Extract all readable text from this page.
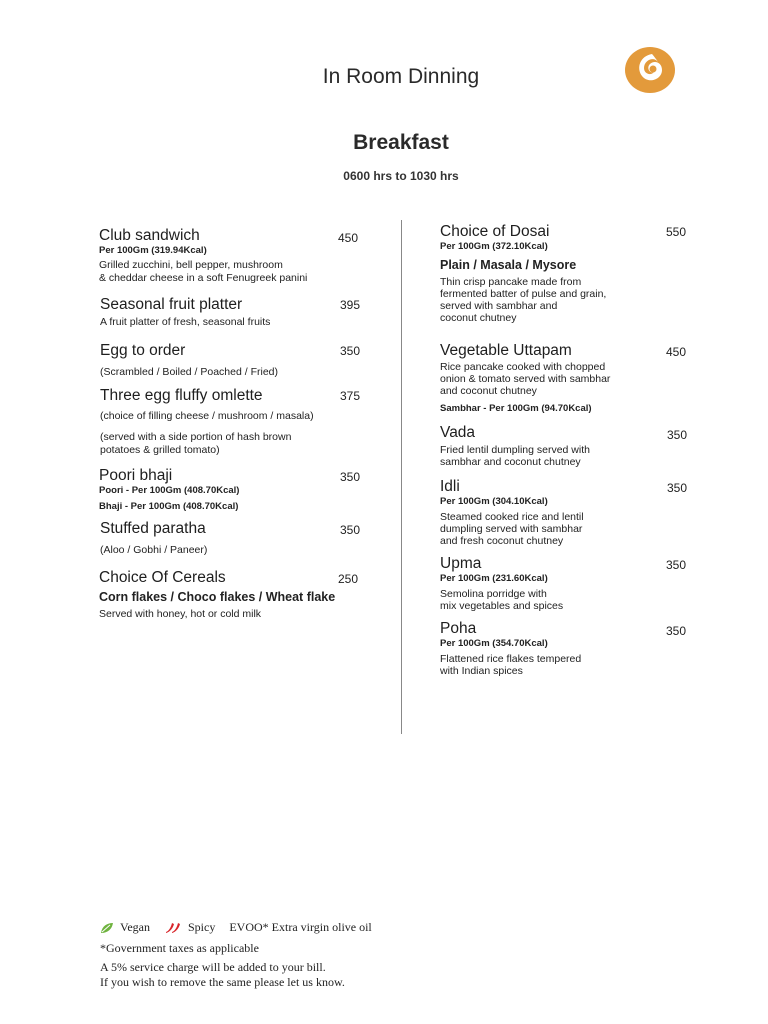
In Room Dinning
Breakfast
0600 hrs to 1030 hrs
Club sandwich
Per 100Gm (319.94Kcal)
Grilled zucchini, bell pepper, mushroom
& cheddar cheese in a soft Fenugreek panini
450
Seasonal fruit platter
A fruit platter of fresh, seasonal fruits
395
Egg to order
(Scrambled / Boiled / Poached / Fried)
350
Three egg fluffy omlette
(choice of filling cheese / mushroom / masala)
(served with a side portion of hash brown
potatoes & grilled tomato)
375
Poori bhaji
Poori - Per 100Gm (408.70Kcal)
Bhaji - Per 100Gm (408.70Kcal)
350
Stuffed paratha
(Aloo / Gobhi / Paneer)
350
Choice Of Cereals
Corn flakes / Choco flakes / Wheat flake
Served with honey, hot or cold milk
250
Choice of Dosai
Per 100Gm (372.10Kcal)
Plain / Masala / Mysore
Thin crisp pancake made from
fermented batter of pulse and grain,
served with sambhar and
coconut chutney
550
Vegetable Uttapam
Rice pancake cooked with chopped
onion & tomato served with sambhar
and coconut chutney
Sambhar - Per 100Gm (94.70Kcal)
450
Vada
Fried lentil dumpling served with
sambhar and coconut chutney
350
Idli
Per 100Gm (304.10Kcal)
Steamed cooked rice and lentil
dumpling served with sambhar
and fresh coconut chutney
350
Upma
Per 100Gm (231.60Kcal)
Semolina porridge with
mix vegetables and spices
350
Poha
Per 100Gm (354.70Kcal)
Flattened rice flakes tempered
with Indian spices
350
Vegan	Spicy EVOO* Extra virgin olive oil
*Government taxes as applicable
A 5% service charge will be added to your bill.
If you wish to remove the same please let us know.
